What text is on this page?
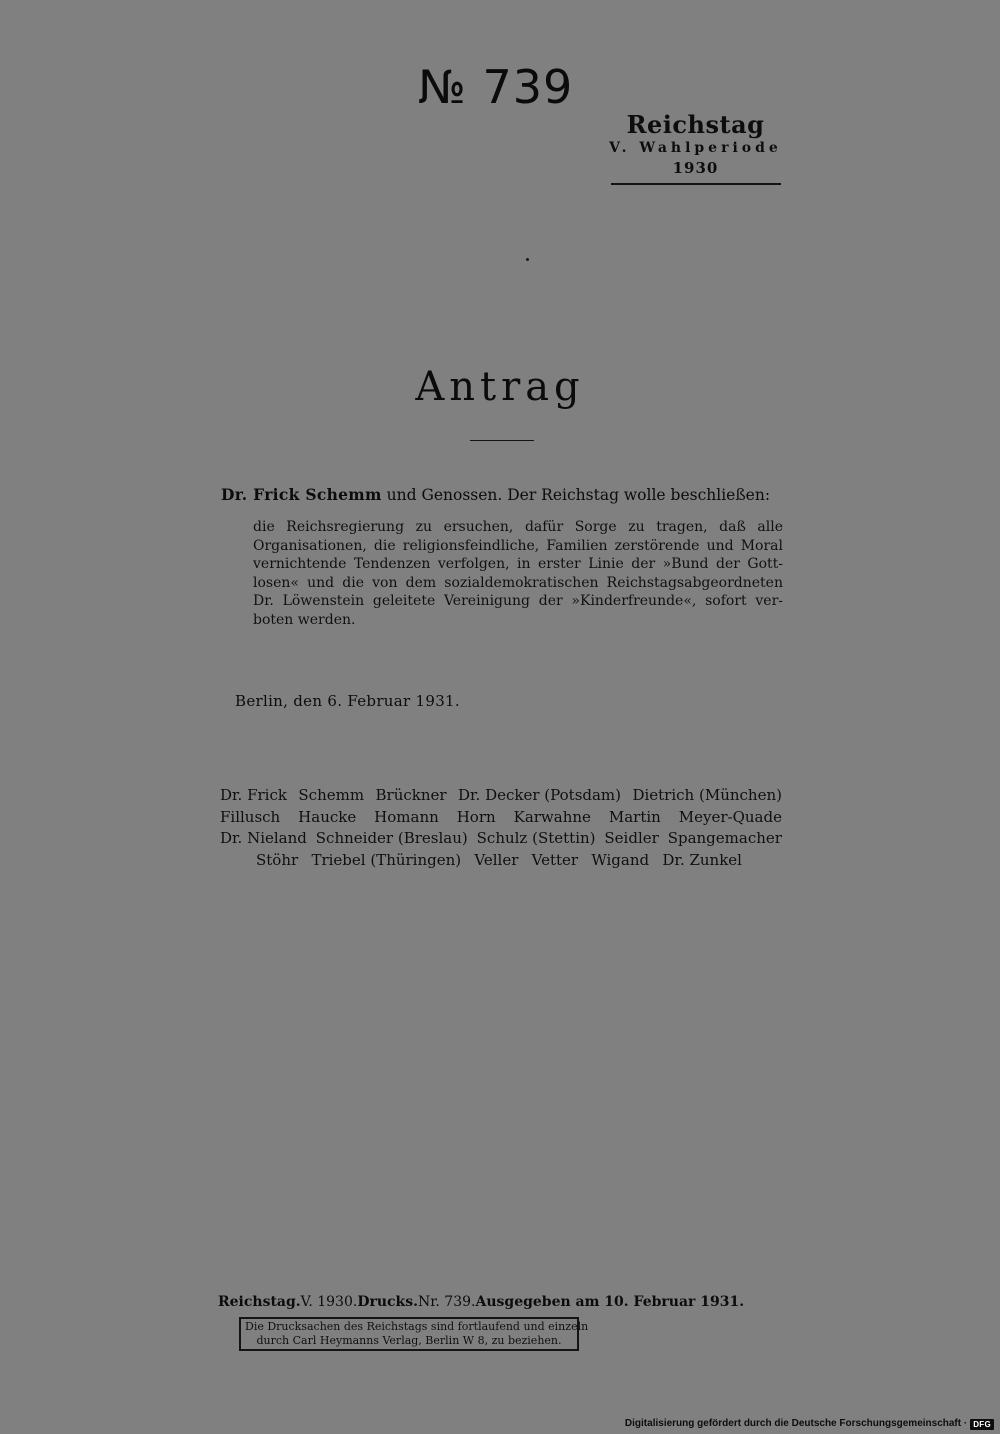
№ 739
Reichstag
V. Wahlperiode
1930
Antrag
Dr. Frick Schemm und Genossen. Der Reichstag wolle beschließen:
die Reichsregierung zu ersuchen, dafür Sorge zu tragen, daß alle
Organisationen, die religionsfeindliche, Familien zerstörende und Moral
vernichtende Tendenzen verfolgen, in erster Linie der »Bund der Gott-
losen« und die von dem sozialdemokratischen Reichstagsabgeordneten
Dr. Löwenstein geleitete Vereinigung der »Kinderfreunde«, sofort ver-
boten werden.
Berlin, den 6. Februar 1931.
Dr. Frick Schemm Brückner Dr. Decker (Potsdam) Dietrich (München)
Fillusch Haucke Homann Horn Karwahne Martin Meyer-Quade
Dr. Nieland Schneider (Breslau) Schulz (Stettin) Seidler Spangemacher
Stöhr Triebel (Thüringen) Veller Vetter Wigand Dr. Zunkel
Reichstag. V. 1930. Drucks. Nr. 739. Ausgegeben am 10. Februar 1931.
Die Drucksachen des Reichstags sind fortlaufend und einzeln
durch Carl Heymanns Verlag, Berlin W 8, zu beziehen.
Digitalisierung gefördert durch die Deutsche Forschungsgemeinschaft · DFG
